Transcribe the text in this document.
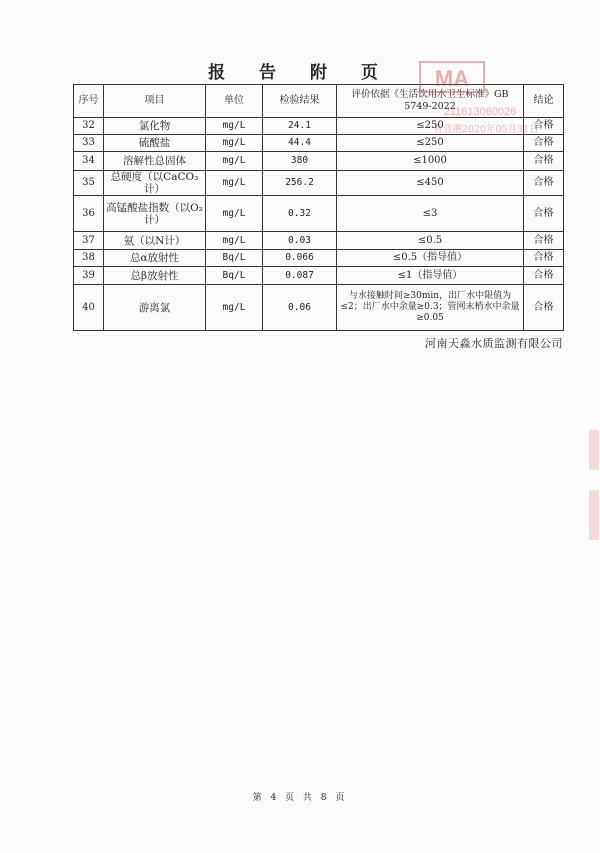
报 告 附 页
序号	项目	单位	检验结果	评价依据《生活饮用水卫生标准》GB 5749-2022	结论
32	氯化物	mg/L	24.1	≤250	合格
33	硫酸盐	mg/L	44.4	≤250	合格
34	溶解性总固体	mg/L	380	≤1000	合格
35	总硬度（以CaCO₃计）	mg/L	256.2	≤450	合格
36	高锰酸盐指数（以O₂计）	mg/L	0.32	≤3	合格
37	氨（以N计）	mg/L	0.03	≤0.5	合格
38	总α放射性	Bq/L	0.066	≤0.5（指导值）	合格
39	总β放射性	Bq/L	0.087	≤1（指导值）	合格
40	游离氯	mg/L	0.06	与水接触时间≥30min，出厂水中限值为≤2；出厂水中余量≥0.3；管网末梢水中余量≥0.05	合格
MA
211613060026
有效期2020年05月31日
河南天淼水质监测有限公司
第 4 页 共 8 页
